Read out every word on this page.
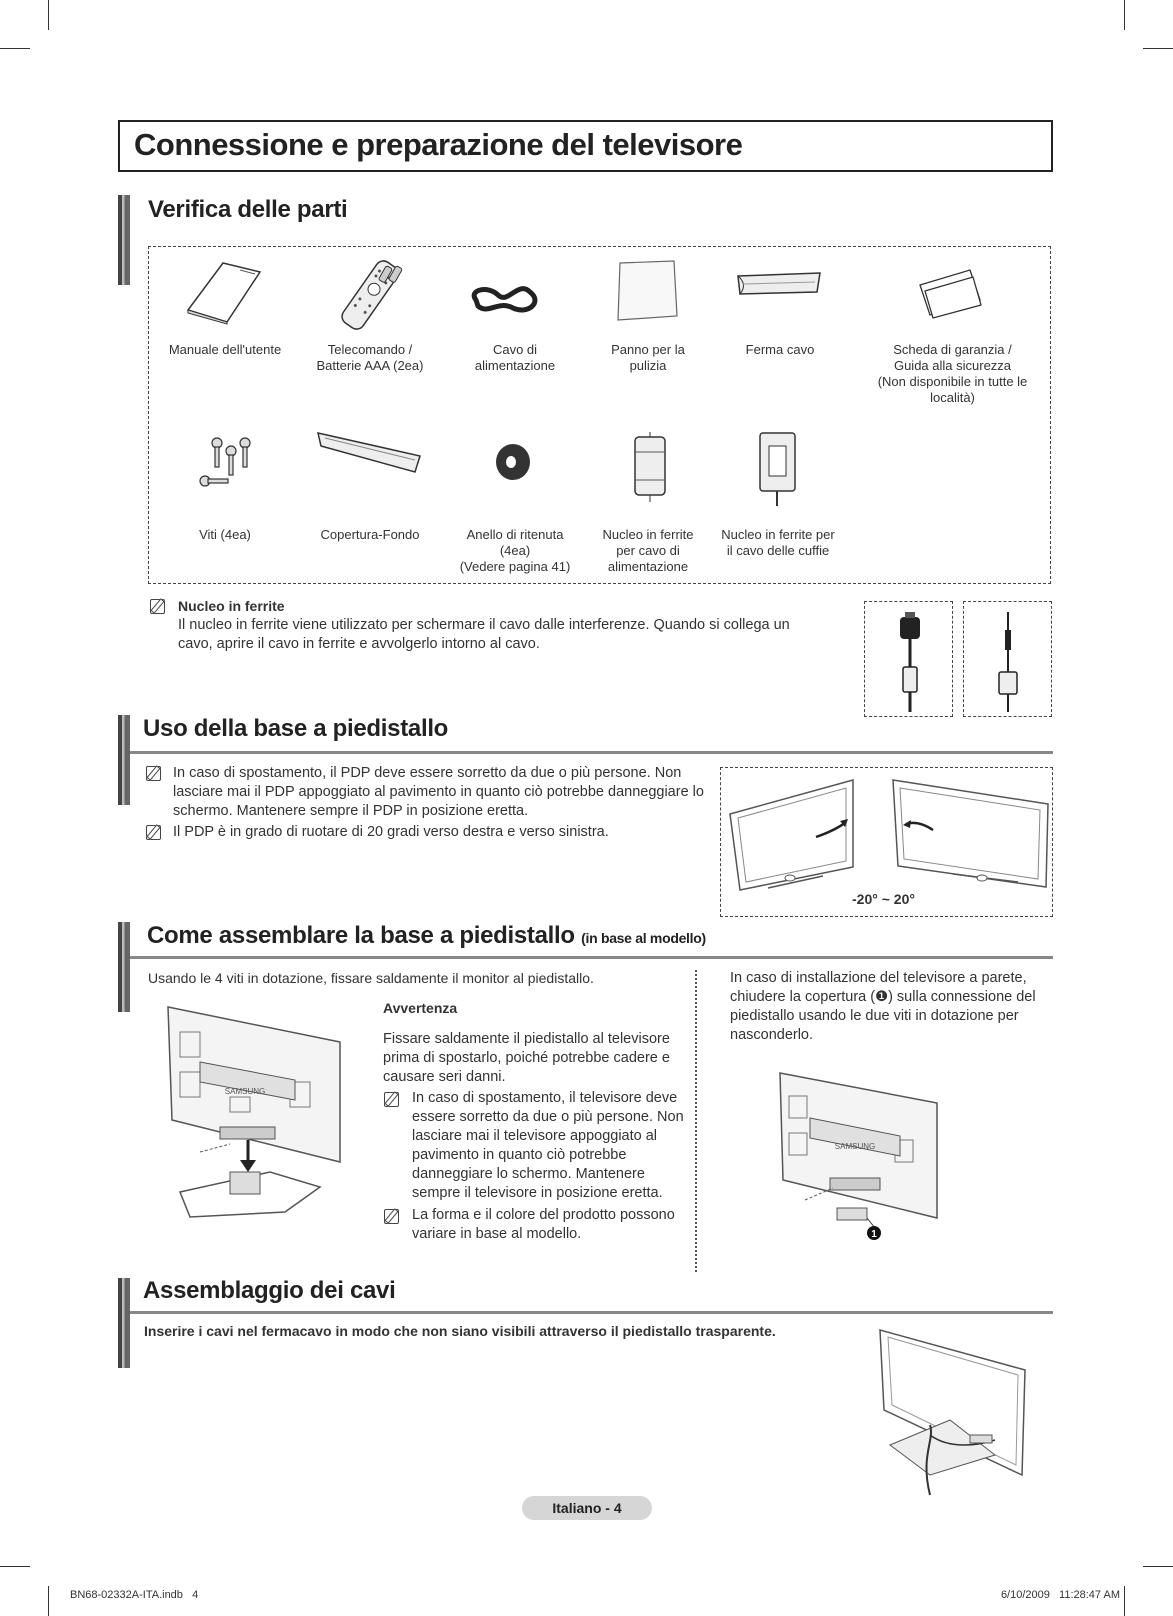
Connessione e preparazione del televisore
Verifica delle parti
Manuale dell'utente	Telecomando /
Batterie AAA (2ea)
Cavo di
alimentazione
Panno per la
pulizia
Ferma cavo	Scheda di garanzia /
Guida alla sicurezza
(Non disponibile in tutte le
località)
Viti (4ea)	Copertura-Fondo	Anello di ritenuta
(4ea)
(Vedere pagina 41)
Nucleo in ferrite
per cavo di
alimentazione
Nucleo in ferrite per
il cavo delle cuffie
Nucleo in ferrite
Il nucleo in ferrite viene utilizzato per schermare il cavo dalle interferenze. Quando si collega un cavo, aprire il cavo in ferrite e avvolgerlo intorno al cavo.
Uso della base a piedistallo
In caso di spostamento, il PDP deve essere sorretto da due o più persone. Non lasciare mai il PDP appoggiato al pavimento in quanto ciò potrebbe danneggiare lo schermo. Mantenere sempre il PDP in posizione eretta.
Il PDP è in grado di ruotare di 20 gradi verso destra e verso sinistra.
-20° ~ 20°
Come assemblare la base a piedistallo (in base al modello)
Usando le 4 viti in dotazione, fissare saldamente il monitor al piedistallo.
SAMSUNG
Avvertenza
Fissare saldamente il piedistallo al televisore prima di spostarlo, poiché potrebbe cadere e causare seri danni.
In caso di spostamento, il televisore deve essere sorretto da due o più persone. Non lasciare mai il televisore appoggiato al pavimento in quanto ciò potrebbe danneggiare lo schermo. Mantenere sempre il televisore in posizione eretta.
La forma e il colore del prodotto possono variare in base al modello.
In caso di installazione del televisore a parete, chiudere la copertura (❶) sulla connessione del piedistallo usando le due viti in dotazione per nasconderlo.
SAMSUNG
1
Assemblaggio dei cavi
Inserire i cavi nel fermacavo in modo che non siano visibili attraverso il piedistallo trasparente.
Italiano - 4
BN68-02332A-ITA.indb   4	6/10/2009   11:28:47 AM
